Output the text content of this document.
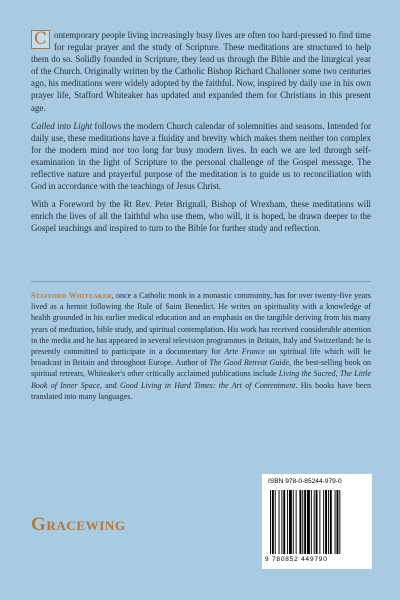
C ontemporary people living increasingly busy lives are often too hard-pressed to find time for regular prayer and the study of Scripture. These meditations are structured to help them do so. Solidly founded in Scripture, they lead us through the Bible and the liturgical year of the Church. Originally written by the Catholic Bishop Richard Challoner some two centuries ago, his meditations were widely adopted by the faithful. Now, inspired by daily use in his own prayer life, Stafford Whiteaker has updated and expanded them for Christians in this present age.

Called into Light follows the modern Church calendar of solemnities and seasons. Intended for daily use, these meditations have a fluidity and brevity which makes them neither too complex for the modern mind nor too long for busy modern lives. In each we are led through self-examination in the light of Scripture to the personal challenge of the Gospel message. The reflective nature and prayerful purpose of the meditation is to guide us to reconciliation with God in accordance with the teachings of Jesus Christ.

With a Foreword by the Rt Rev. Peter Brignall, Bishop of Wrexham, these meditations will enrich the lives of all the faithful who use them, who will, it is hoped, be drawn deeper to the Gospel teachings and inspired to turn to the Bible for further study and reflection.

Stafford Whiteaker, once a Catholic monk in a monastic community, has for over twenty-five years lived as a hermit following the Rule of Saint Benedict. He writes on spirituality with a knowledge of health grounded in his earlier medical education and an emphasis on the tangible deriving from his many years of meditation, bible study, and spiritual contemplation. His work has received considerable attention in the media and he has appeared in several television programmes in Britain, Italy and Switzerland: he is presently committed to participate in a documentary for Arte France on spiritual life which will be broadcast in Britain and throughout Europe. Author of The Good Retreat Guide, the best-selling book on spiritual retreats, Whiteaker's other critically acclaimed publications include Living the Sacred, The Little Book of Inner Space, and Good Living in Hard Times: the Art of Contentment. His books have been translated into many languages.
Gracewing
ISBN 978-0-85244-979-0
9 780852 449790
